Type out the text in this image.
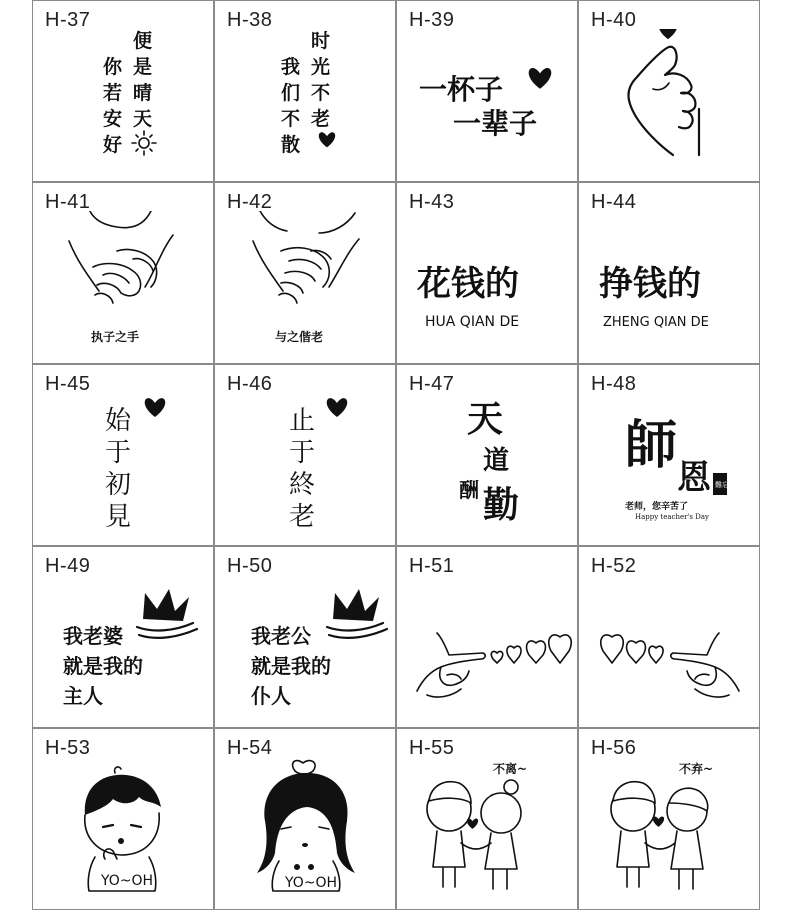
H-37
便
是
晴
天
你
若
安
好
H-38
时
光
不
老
我
们
不
散
H-39
一杯子
一辈子
H-40
H-41
执子之手
H-42
与之偕老
H-43
花钱的
HUA QIAN DE
H-44
挣钱的
ZHENG QIAN DE
H-45
始
于
初
見
H-46
止
于
終
老
H-47
天
道
酬 勤
H-48
師
恩 難忘
老师，您辛苦了
Happy teacher's Day
H-49
我老婆
就是我的
主人
H-50
我老公
就是我的
仆人
H-51	H-52
H-53
YO~OH
H-54
YO~OH
H-55
不离~
H-56
不弃~
